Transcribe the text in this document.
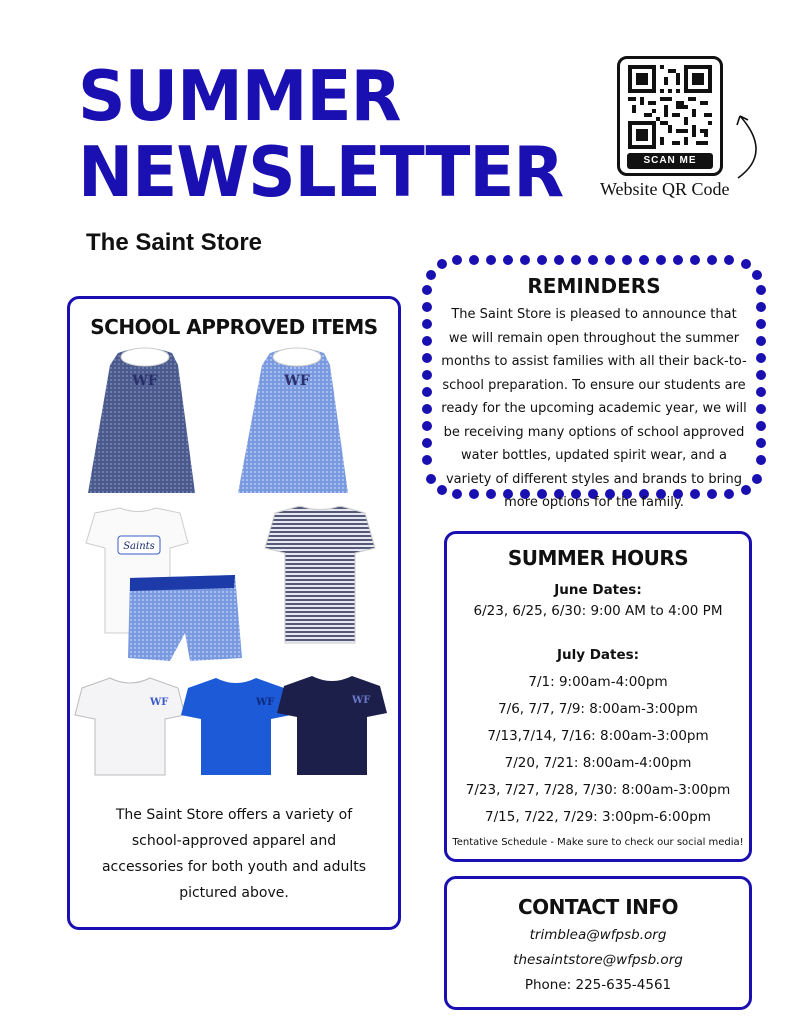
SUMMER
NEWSLETTER
The Saint Store
SCAN ME
Website QR Code
REMINDERS
The Saint Store is pleased to announce that we will remain open throughout the summer months to assist families with all their back-to-school preparation. To ensure our students are ready for the upcoming academic year, we will be receiving many options of school approved water bottles, updated spirit wear, and a variety of different styles and brands to bring more options for the family.
SCHOOL APPROVED ITEMS
WF	WF
Saints
WF	WF	WF
The Saint Store offers a variety of school-approved apparel and accessories for both youth and adults pictured above.
SUMMER HOURS
June Dates:
6/23, 6/25, 6/30: 9:00 AM to 4:00 PM
July Dates:
7/1: 9:00am-4:00pm
7/6, 7/7, 7/9: 8:00am-3:00pm
7/13,7/14, 7/16: 8:00am-3:00pm
7/20, 7/21: 8:00am-4:00pm
7/23, 7/27, 7/28, 7/30: 8:00am-3:00pm
7/15, 7/22, 7/29: 3:00pm-6:00pm
Tentative Schedule - Make sure to check our social media!
CONTACT INFO
trimblea@wfpsb.org
thesaintstore@wfpsb.org
Phone: 225-635-4561
